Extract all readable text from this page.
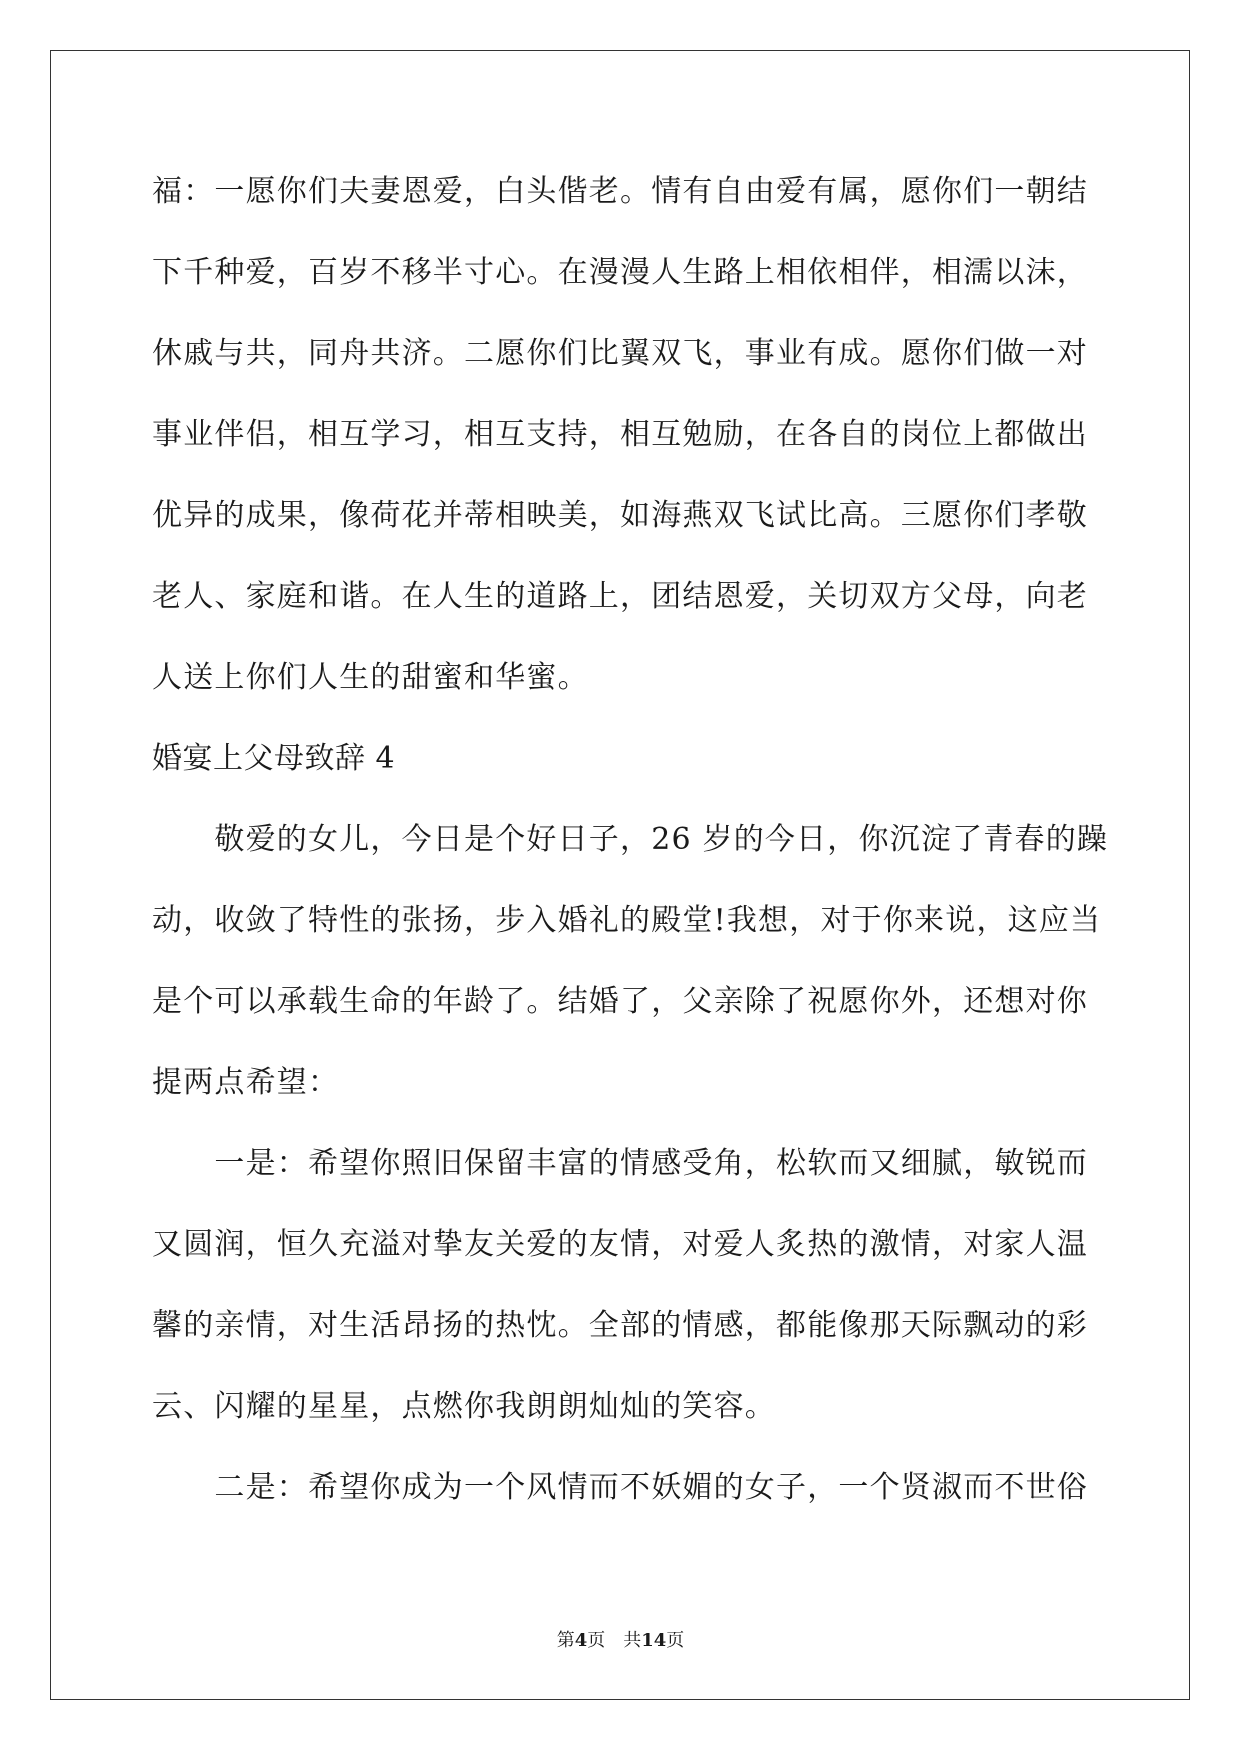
福：一愿你们夫妻恩爱，白头偕老。情有自由爱有属，愿你们一朝结
下千种爱，百岁不移半寸心。在漫漫人生路上相依相伴，相濡以沫，
休戚与共，同舟共济。二愿你们比翼双飞，事业有成。愿你们做一对
事业伴侣，相互学习，相互支持，相互勉励，在各自的岗位上都做出
优异的成果，像荷花并蒂相映美，如海燕双飞试比高。三愿你们孝敬
老人、家庭和谐。在人生的道路上，团结恩爱，关切双方父母，向老
人送上你们人生的甜蜜和华蜜。
婚宴上父母致辞 4
　　敬爱的女儿，今日是个好日子，26 岁的今日，你沉淀了青春的躁
动，收敛了特性的张扬，步入婚礼的殿堂!我想，对于你来说，这应当
是个可以承载生命的年龄了。结婚了，父亲除了祝愿你外，还想对你
提两点希望：
　　一是：希望你照旧保留丰富的情感受角，松软而又细腻，敏锐而
又圆润，恒久充溢对挚友关爱的友情，对爱人炙热的激情，对家人温
馨的亲情，对生活昂扬的热忱。全部的情感，都能像那天际飘动的彩
云、闪耀的星星，点燃你我朗朗灿灿的笑容。
　　二是：希望你成为一个风情而不妖媚的女子，一个贤淑而不世俗
第4页 共14页
